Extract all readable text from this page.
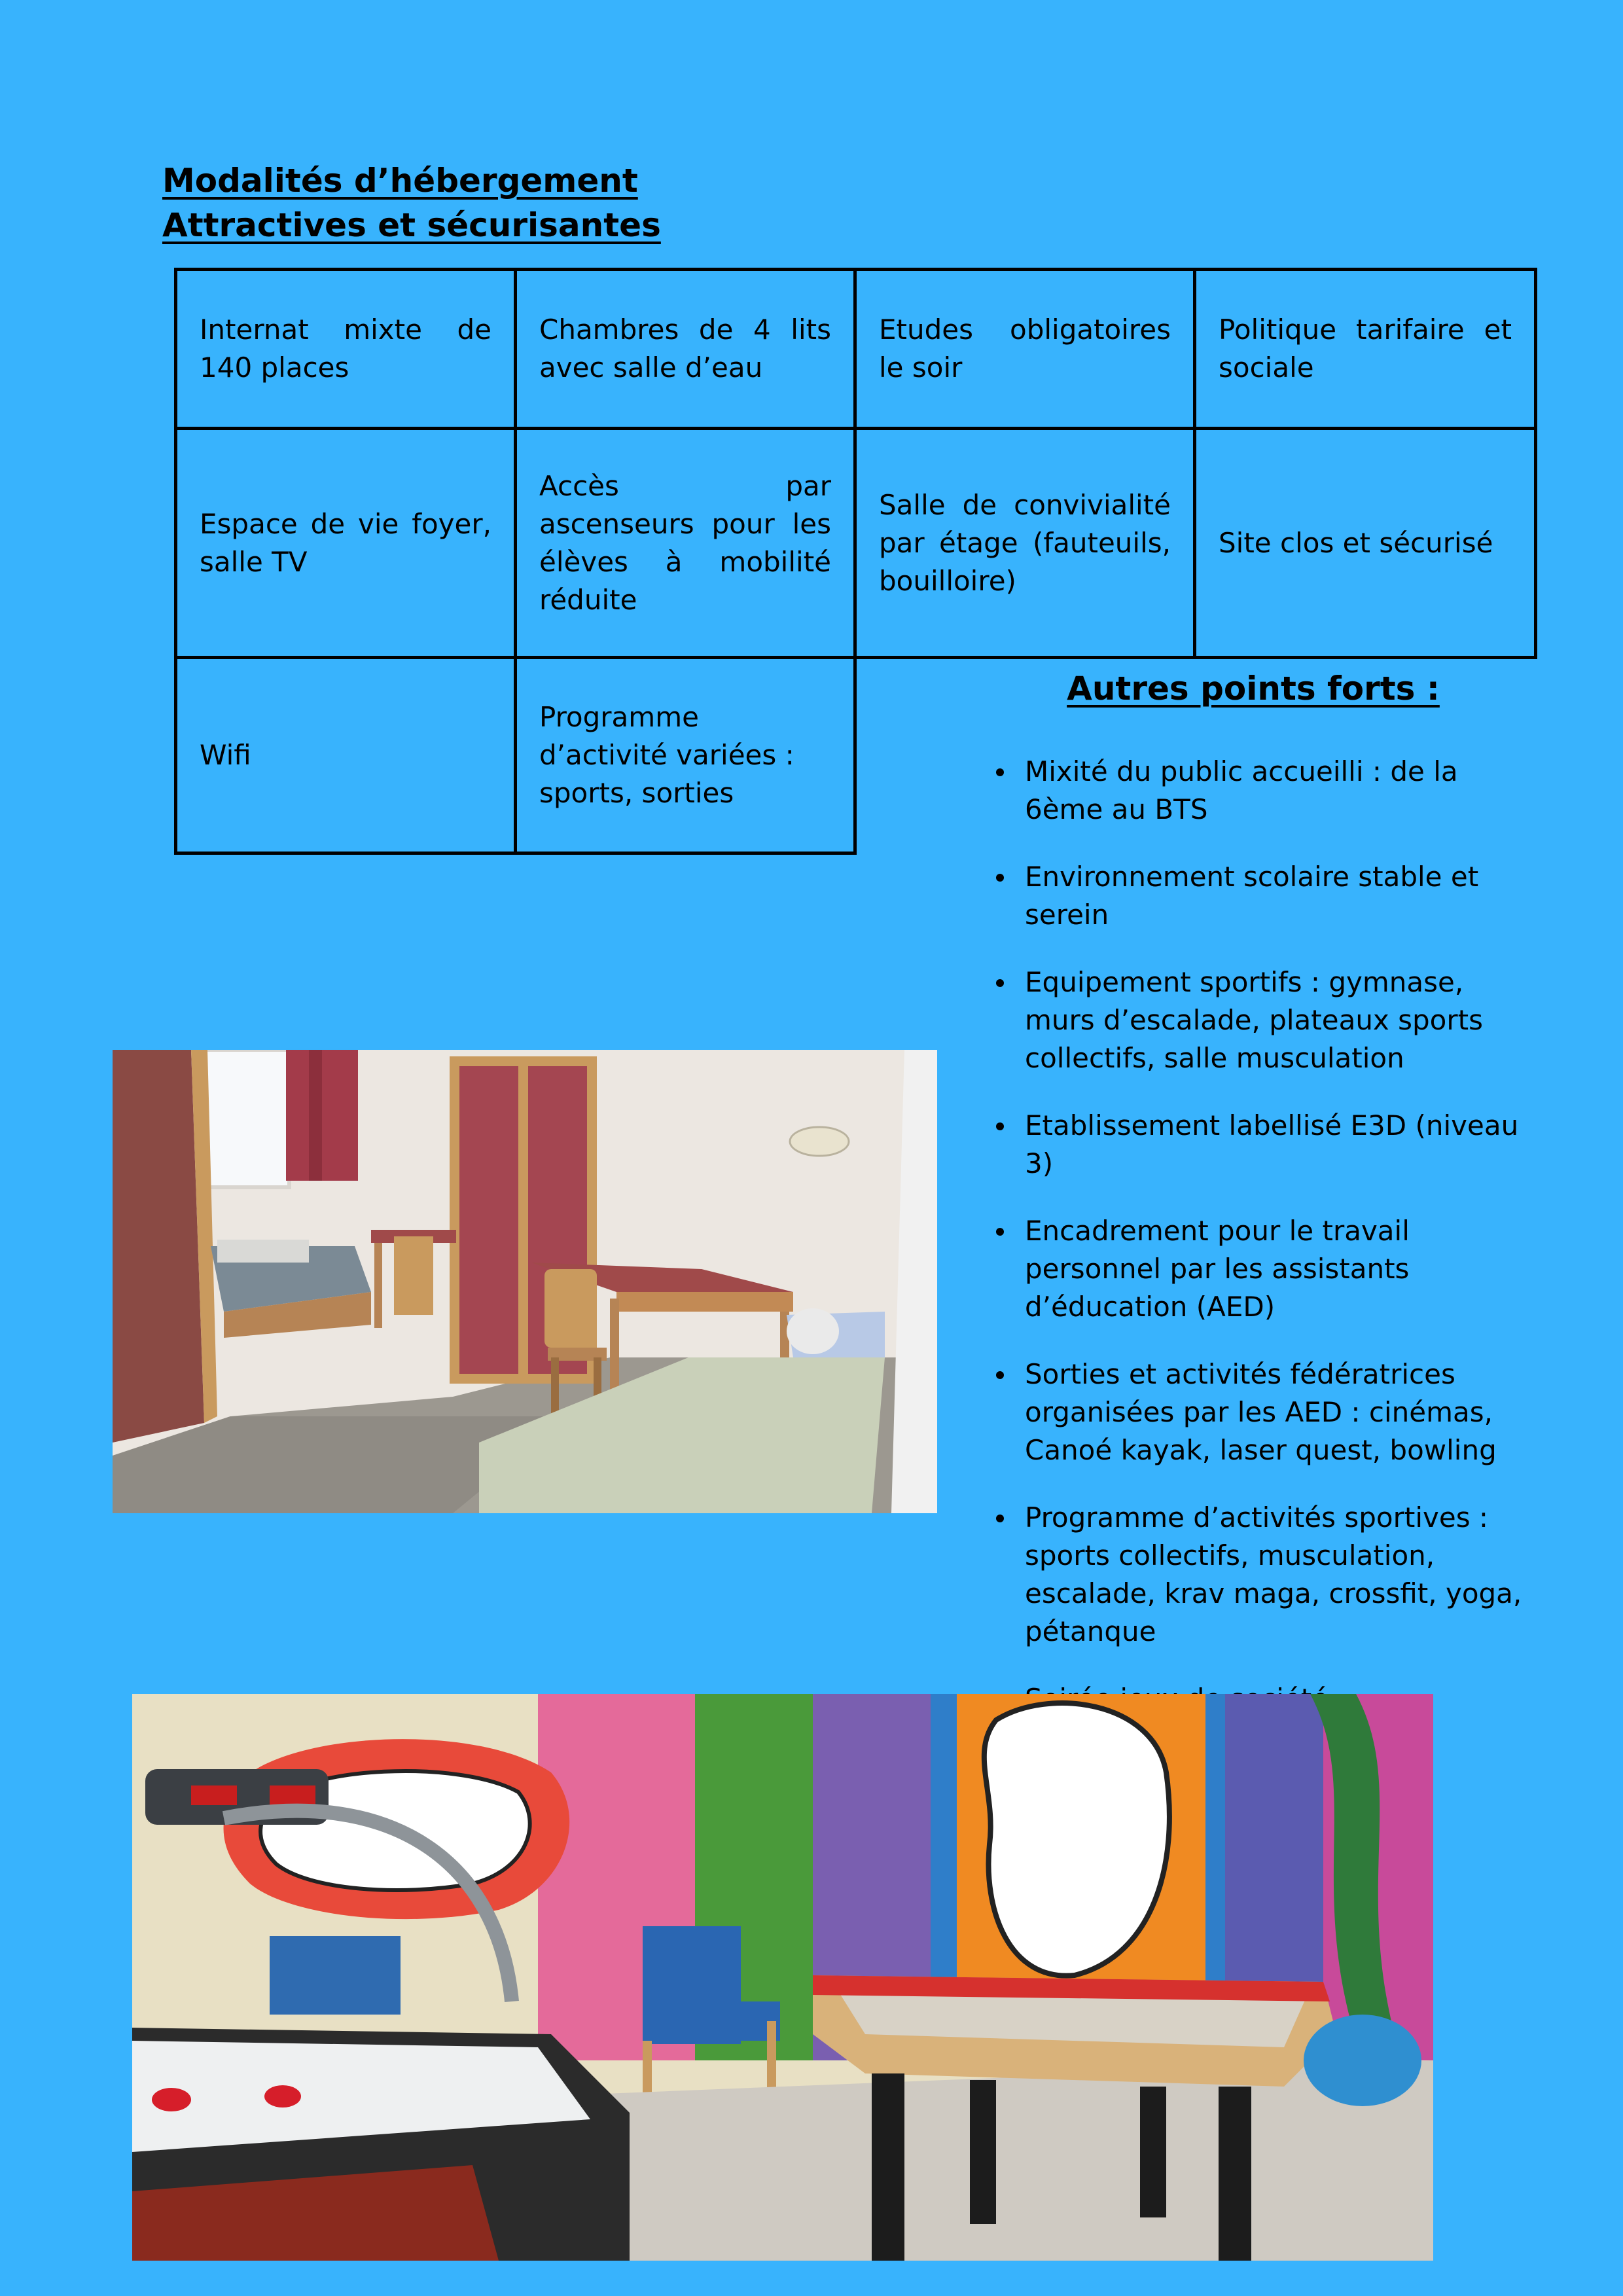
Modalités d’hébergement
Attractives et sécurisantes
Internat mixte de 140 places
Chambres de 4 lits avec salle d’eau
Etudes obligatoires le soir
Politique tarifaire et sociale
Espace de vie foyer, salle TV
Accès par ascenseurs pour les élèves à mobilité réduite
Salle de convivialité par étage (fauteuils, bouilloire)
Site clos et sécurisé
Wifi
Programme d’activité variées : sports, sorties
Autres points forts :
Mixité du public accueilli : de la 6ème au BTS
Environnement scolaire stable et serein
Equipement sportifs : gymnase, murs d’escalade, plateaux sports collectifs, salle musculation
Etablissement labellisé E3D (niveau 3)
Encadrement pour le travail personnel par les assistants d’éducation (AED)
Sorties et activités fédératrices organisées par les AED : cinémas, Canoé kayak, laser quest, bowling
Programme d’activités sportives : sports collectifs, musculation, escalade, krav maga, crossfit, yoga, pétanque
